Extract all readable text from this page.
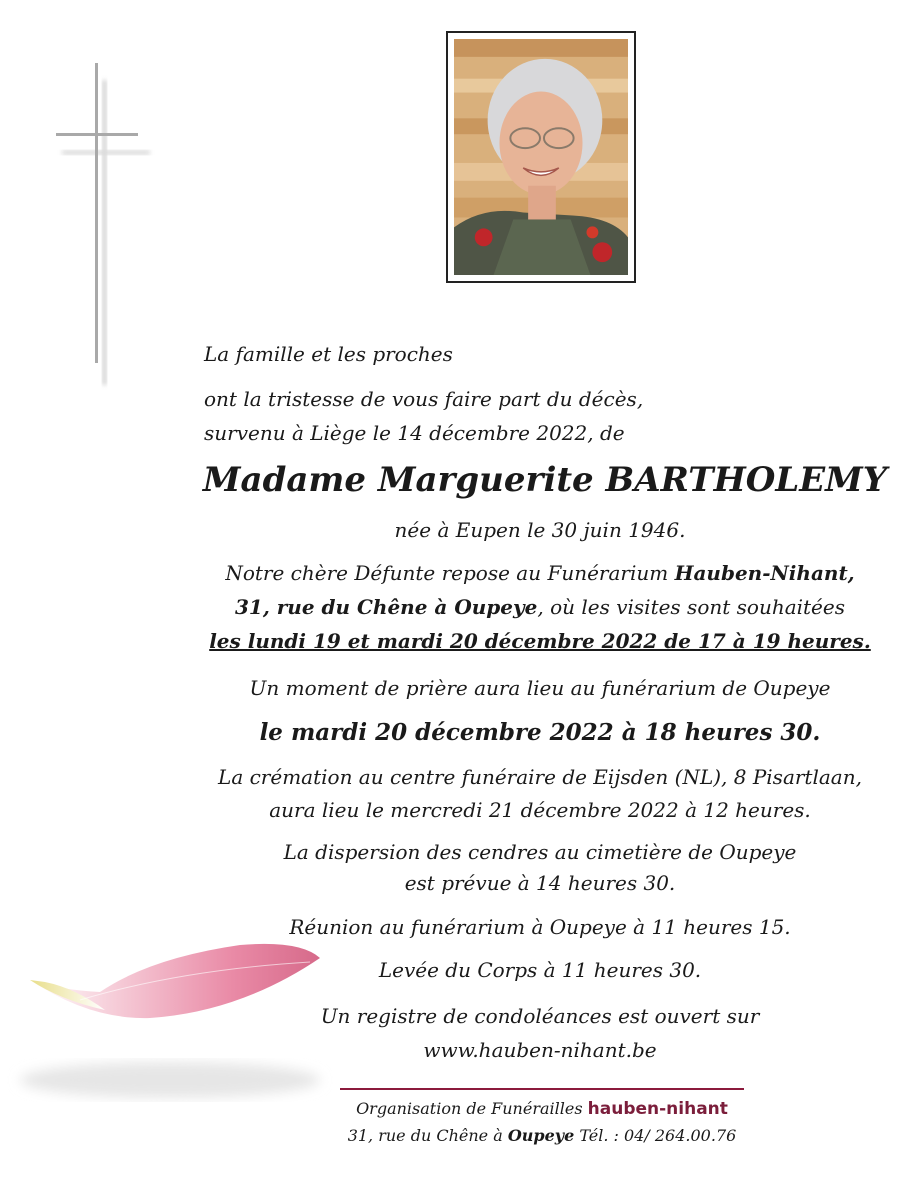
La famille et les proches

ont la tristesse de vous faire part du décès,

survenu à Liège le 14 décembre 2022, de

Madame Marguerite BARTHOLEMY

née à Eupen le 30 juin 1946.

Notre chère Défunte repose au Funérarium Hauben-Nihant,

31, rue du Chêne à Oupeye, où les visites sont souhaitées

les lundi 19 et mardi 20 décembre 2022 de 17 à 19 heures.

Un moment de prière aura lieu au funérarium de Oupeye

le mardi 20 décembre 2022 à 18 heures 30.

La crémation au centre funéraire de Eijsden (NL), 8 Pisartlaan,

aura lieu le mercredi 21 décembre 2022 à 12 heures.

La dispersion des cendres au cimetière de Oupeye

est prévue à 14 heures 30.

Réunion au funérarium à Oupeye à 11 heures 15.

Levée du Corps à 11 heures 30.

Un registre de condoléances est ouvert sur

www.hauben-nihant.be

Organisation de Funérailles hauben-nihant

31, rue du Chêne à Oupeye Tél. : 04/ 264.00.76
